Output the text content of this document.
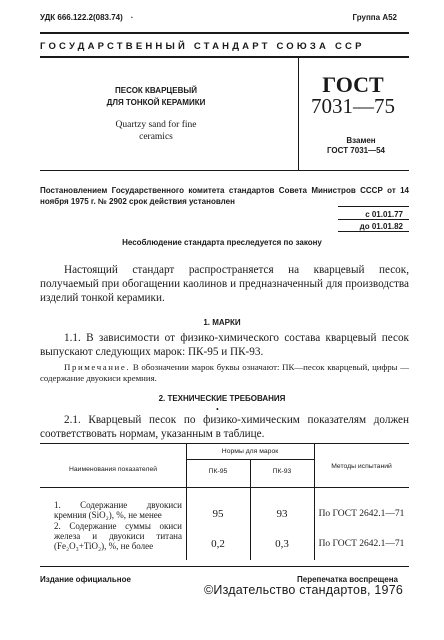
УДК 666.122.2(083.74) ·	Группа А52
ГОСУДАРСТВЕННЫЙ СТАНДАРТ СОЮЗА ССР
ПЕСОК КВАРЦЕВЫЙ
ДЛЯ ТОНКОЙ КЕРАМИКИ
Quartzy sand for fine
ceramics
ГОСТ
7031—75
Взамен
ГОСТ 7031—54
Постановлением Государственного комитета стандартов Совета Министров СССР от 14 ноября 1975 г. № 2902 срок действия установлен
с 01.01.77
до 01.01.82
Несоблюдение стандарта преследуется по закону

Настоящий стандарт распространяется на кварцевый песок, получаемый при обогащении каолинов и предназначенный для производства изделий тонкой керамики.

1. МАРКИ

1.1. В зависимости от физико-химического состава кварцевый песок выпускают следующих марок: ПК-95 и ПК-93.

Примечание. В обозначении марок буквы означают: ПК—песок кварцевый, цифры — содержание двуокиси кремния.
2. ТЕХНИЧЕСКИЕ ТРЕБОВАНИЯ
•

2.1. Кварцевый песок по физико-химическим показателям должен соответствовать нормам, указанным в таблице.

Наименования показателей
Нормы для марок
ПК-95	ПК-93
Методы испытаний
1. Содержание двуокиси кремния (SiO₂), %, не менее	95	93	По ГОСТ 2642.1—71
2. Содержание суммы окиси железа и двуокиси титана (Fe₂O₃+TiO₂), %, не более	0,2	0,3	По ГОСТ 2642.1—71
Издание официальное	Перепечатка воспрещена
©Издательство стандартов, 1976
